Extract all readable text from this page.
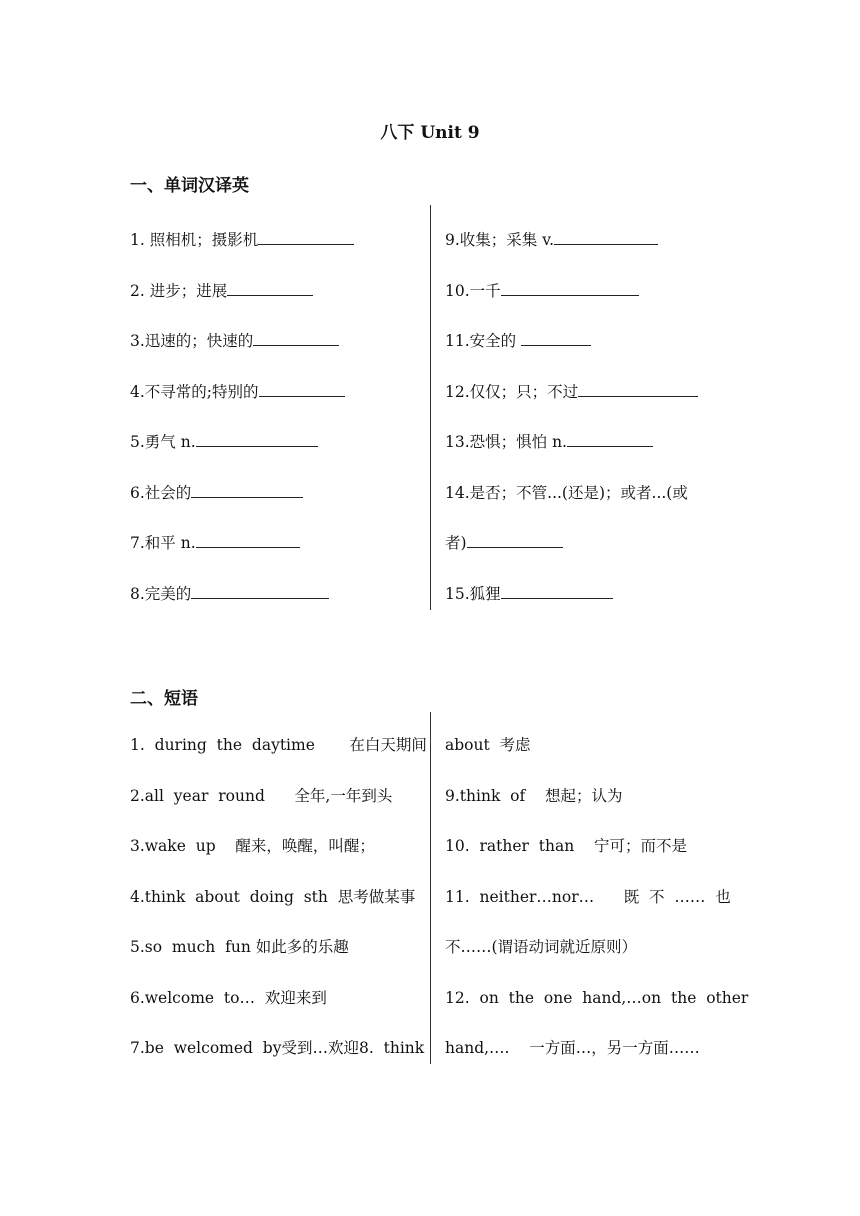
八下 Unit 9
一、单词汉译英
1. 照相机；摄影机
2. 进步；进展
3.迅速的；快速的
4.不寻常的;特别的
5.勇气 n.
6.社会的
7.和平 n.
8.完美的
9.收集；采集 v.
10.一千
11.安全的
12.仅仅；只；不过
13.恐惧；惧怕 n.
14.是否；不管...(还是)；或者...(或
者)
15.狐狸
二、短语
1.  during  the  daytime       在白天期间
2.all  year  round      全年,一年到头
3.wake  up    醒来，唤醒，叫醒；
4.think  about  doing  sth  思考做某事
5.so  much  fun 如此多的乐趣
6.welcome  to…  欢迎来到
7.be  welcomed  by受到…欢迎8.  think
about  考虑
9.think  of    想起；认为
10.  rather  than    宁可；而不是
11.  neither…nor…      既  不  ……  也
不……(谓语动词就近原则）
12.  on  the  one  hand,…on  the  other
hand,….    一方面…，另一方面……
